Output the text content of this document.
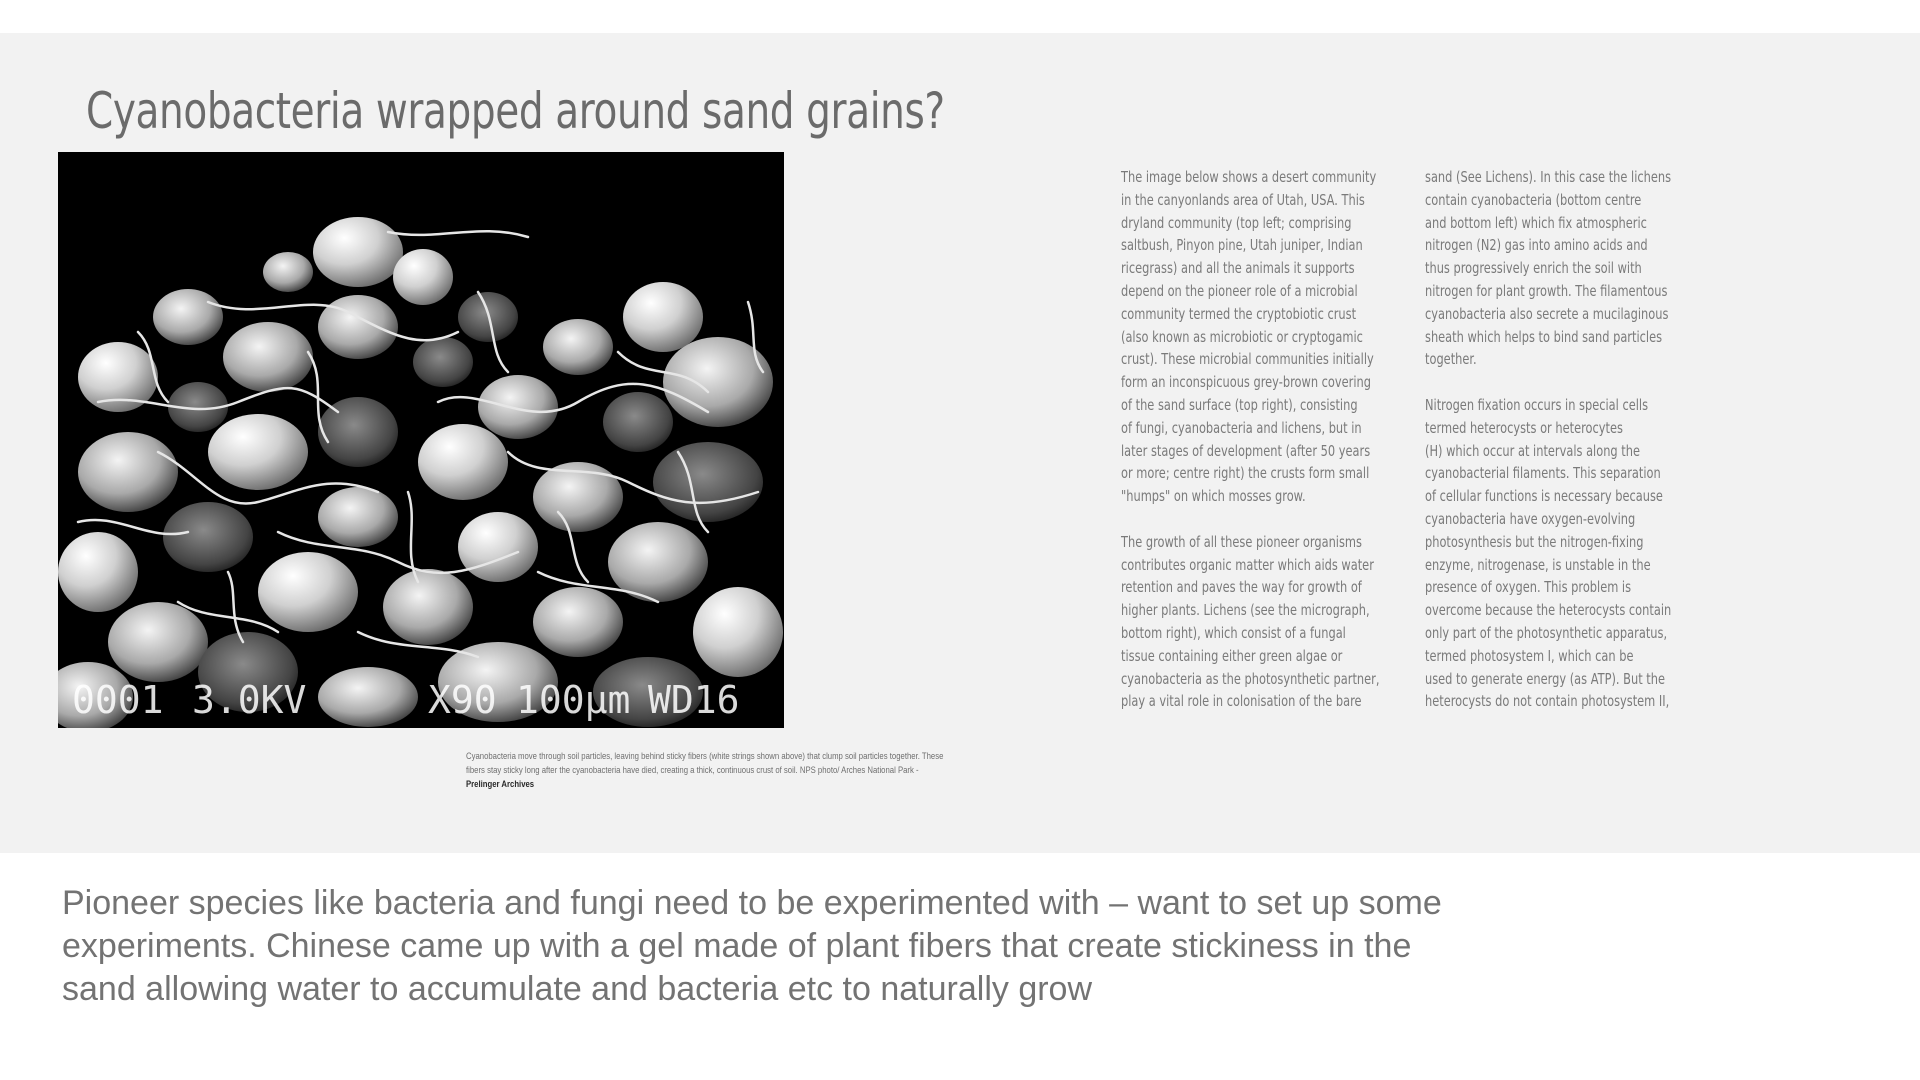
Cyanobacteria wrapped around sand grains?
0001 3.0KV	X90 100µm WD16
Cyanobacteria move through soil particles, leaving behind sticky fibers (white strings shown above) that clump soil particles together. These fibers stay sticky long after the cyanobacteria have died, creating a thick, continuous crust of soil. NPS photo/ Arches National Park - Prelinger Archives
The image below shows a desert community
in the canyonlands area of Utah, USA. This
dryland community (top left; comprising
saltbush, Pinyon pine, Utah juniper, Indian
ricegrass) and all the animals it supports
depend on the pioneer role of a microbial
community termed the cryptobiotic crust
(also known as microbiotic or cryptogamic
crust). These microbial communities initially
form an inconspicuous grey-brown covering
of the sand surface (top right), consisting
of fungi, cyanobacteria and lichens, but in
later stages of development (after 50 years
or more; centre right) the crusts form small
"humps" on which mosses grow.

The growth of all these pioneer organisms
contributes organic matter which aids water
retention and paves the way for growth of
higher plants. Lichens (see the micrograph,
bottom right), which consist of a fungal
tissue containing either green algae or
cyanobacteria as the photosynthetic partner,
play a vital role in colonisation of the bare
sand (See Lichens). In this case the lichens
contain cyanobacteria (bottom centre
and bottom left) which fix atmospheric
nitrogen (N2) gas into amino acids and
thus progressively enrich the soil with
nitrogen for plant growth. The filamentous
cyanobacteria also secrete a mucilaginous
sheath which helps to bind sand particles
together.

Nitrogen fixation occurs in special cells
termed heterocysts or heterocytes
(H) which occur at intervals along the
cyanobacterial filaments. This separation
of cellular functions is necessary because
cyanobacteria have oxygen-evolving
photosynthesis but the nitrogen-fixing
enzyme, nitrogenase, is unstable in the
presence of oxygen. This problem is
overcome because the heterocysts contain
only part of the photosynthetic apparatus,
termed photosystem I, which can be
used to generate energy (as ATP). But the
heterocysts do not contain photosystem II,

Pioneer species like bacteria and fungi need to be experimented with – want to set up some
experiments. Chinese came up with a gel made of plant fibers that create stickiness in the
sand allowing water to accumulate and bacteria etc to naturally grow
